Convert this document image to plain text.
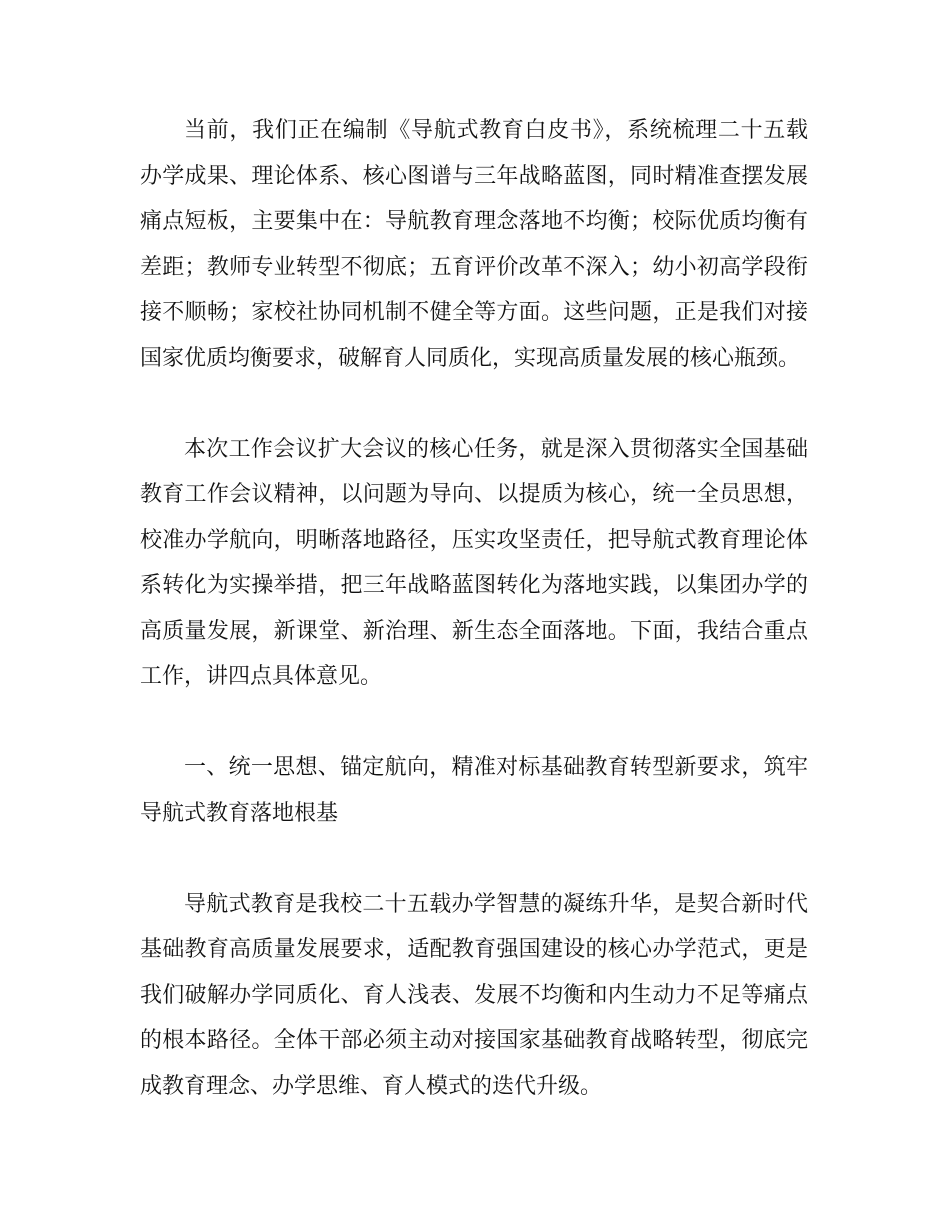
当前，我们正在编制《导航式教育白皮书》，系统梳理二十五载办学成果、理论体系、核心图谱与三年战略蓝图，同时精准查摆发展痛点短板，主要集中在：导航教育理念落地不均衡；校际优质均衡有差距；教师专业转型不彻底；五育评价改革不深入；幼小初高学段衔接不顺畅；家校社协同机制不健全等方面。这些问题，正是我们对接国家优质均衡要求，破解育人同质化，实现高质量发展的核心瓶颈。

本次工作会议扩大会议的核心任务，就是深入贯彻落实全国基础教育工作会议精神，以问题为导向、以提质为核心，统一全员思想，校准办学航向，明晰落地路径，压实攻坚责任，把导航式教育理论体系转化为实操举措，把三年战略蓝图转化为落地实践，以集团办学的高质量发展，新课堂、新治理、新生态全面落地。下面，我结合重点工作，讲四点具体意见。

一、统一思想、锚定航向，精准对标基础教育转型新要求，筑牢导航式教育落地根基

导航式教育是我校二十五载办学智慧的凝练升华，是契合新时代基础教育高质量发展要求，适配教育强国建设的核心办学范式，更是我们破解办学同质化、育人浅表、发展不均衡和内生动力不足等痛点的根本路径。全体干部必须主动对接国家基础教育战略转型，彻底完成教育理念、办学思维、育人模式的迭代升级。
